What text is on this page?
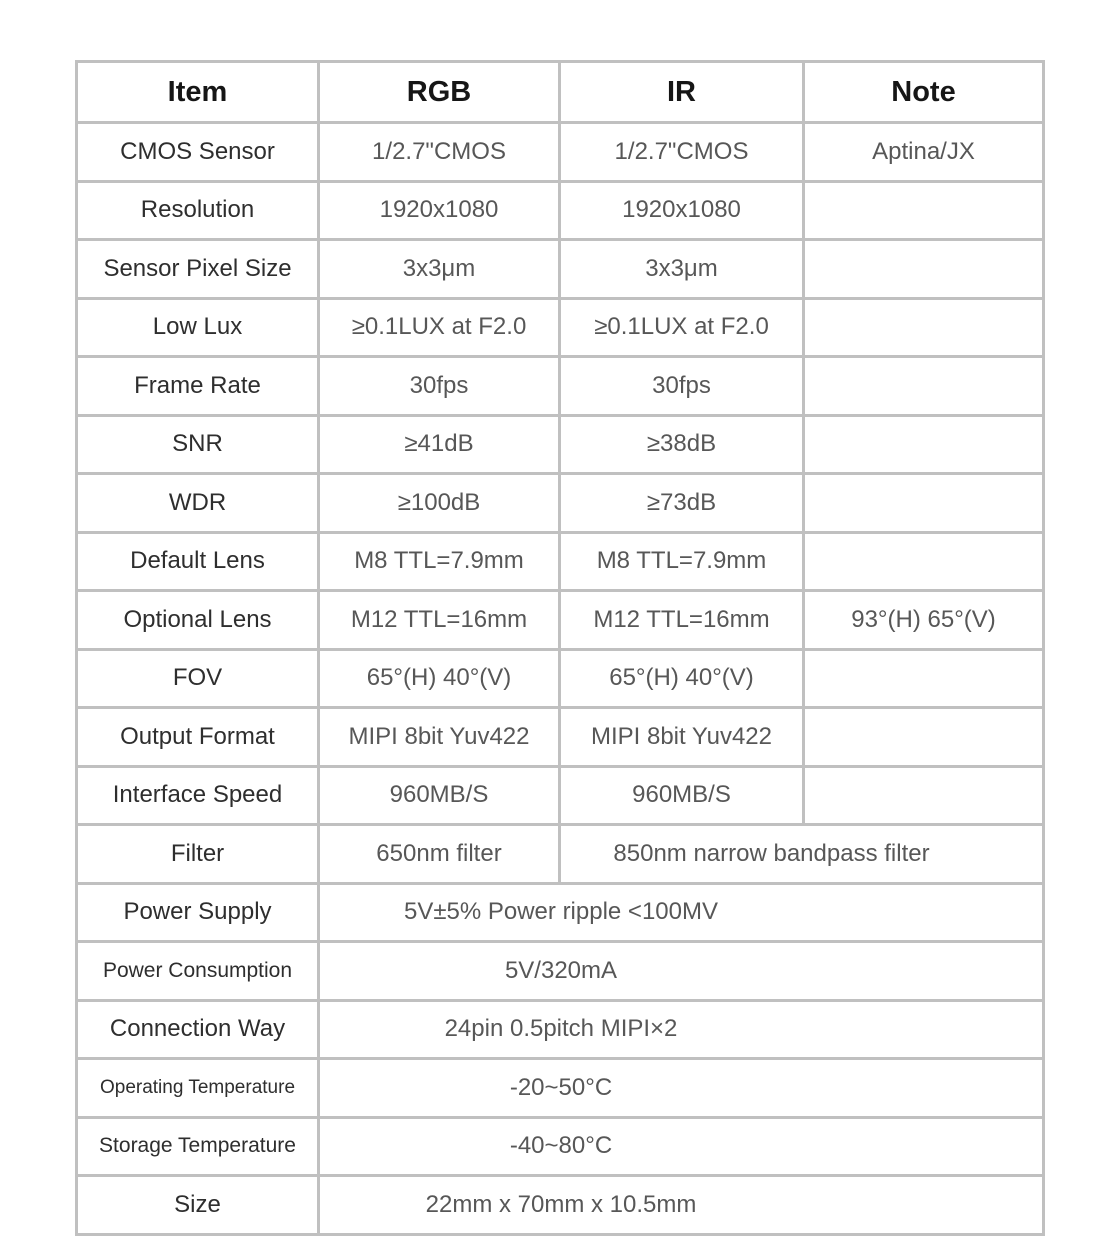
Item	RGB	IR	Note
CMOS Sensor	1/2.7"CMOS	1/2.7"CMOS	Aptina/JX
Resolution	1920x1080	1920x1080	
Sensor Pixel Size	3x3μm	3x3μm	
Low Lux	≥0.1LUX at F2.0	≥0.1LUX at F2.0	
Frame Rate	30fps	30fps	
SNR	≥41dB	≥38dB	
WDR	≥100dB	≥73dB	
Default Lens	M8 TTL=7.9mm	M8 TTL=7.9mm	
Optional Lens	M12 TTL=16mm	M12 TTL=16mm	93°(H) 65°(V)
FOV	65°(H) 40°(V)	65°(H) 40°(V)	
Output Format	MIPI 8bit Yuv422	MIPI 8bit Yuv422	
Interface Speed	960MB/S	960MB/S	
Filter	650nm filter	850nm narrow bandpass filter	
Power Supply	5V±5% Power ripple <100MV		
Power Consumption	5V/320mA		
Connection Way	24pin 0.5pitch MIPI×2		
Operating Temperature	-20~50°C		
Storage Temperature	-40~80°C		
Size	22mm x 70mm x 10.5mm		
